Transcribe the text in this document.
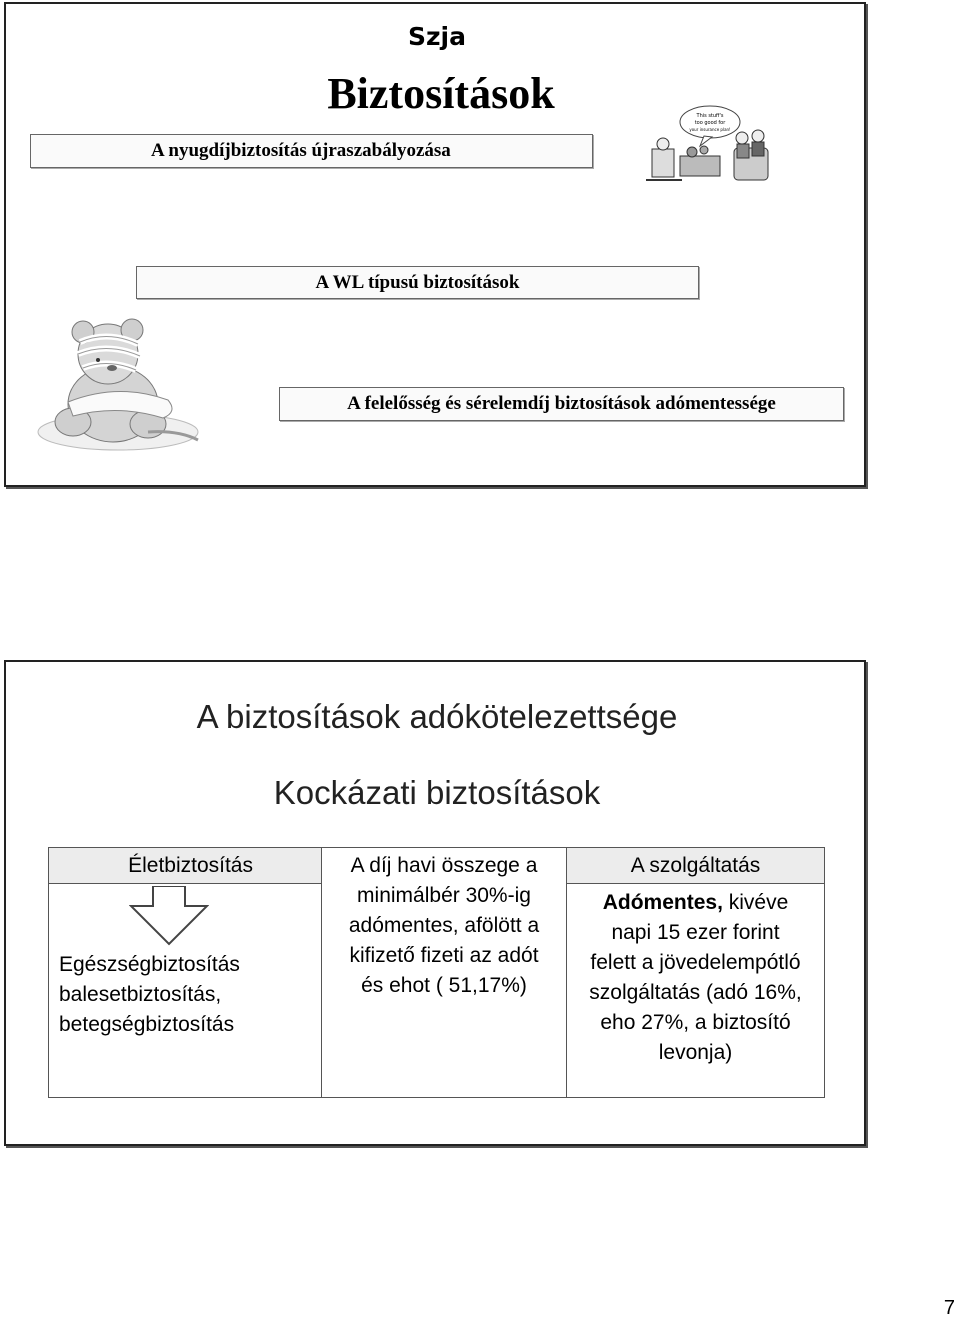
Szja
Biztosítások
A nyugdíjbiztosítás újraszabályozása
A WL típusú biztosítások
A felelősség és sérelemdíj biztosítások adómentessége
This stuff's
too good for
your insurance plan!
A biztosítások adókötelezettsége
Kockázati biztosítások
Életbiztosítás
Egészségbiztosítás
balesetbiztosítás,
betegségbiztosítás
A díj havi összege a
minimálbér 30%-ig
adómentes, afölött a
kifizető fizeti az adót
és ehot ( 51,17%)
A szolgáltatás
Adómentes, kivéve
napi 15 ezer forint
felett a jövedelempótló
szolgáltatás (adó 16%,
eho 27%, a biztosító
levonja)
7
